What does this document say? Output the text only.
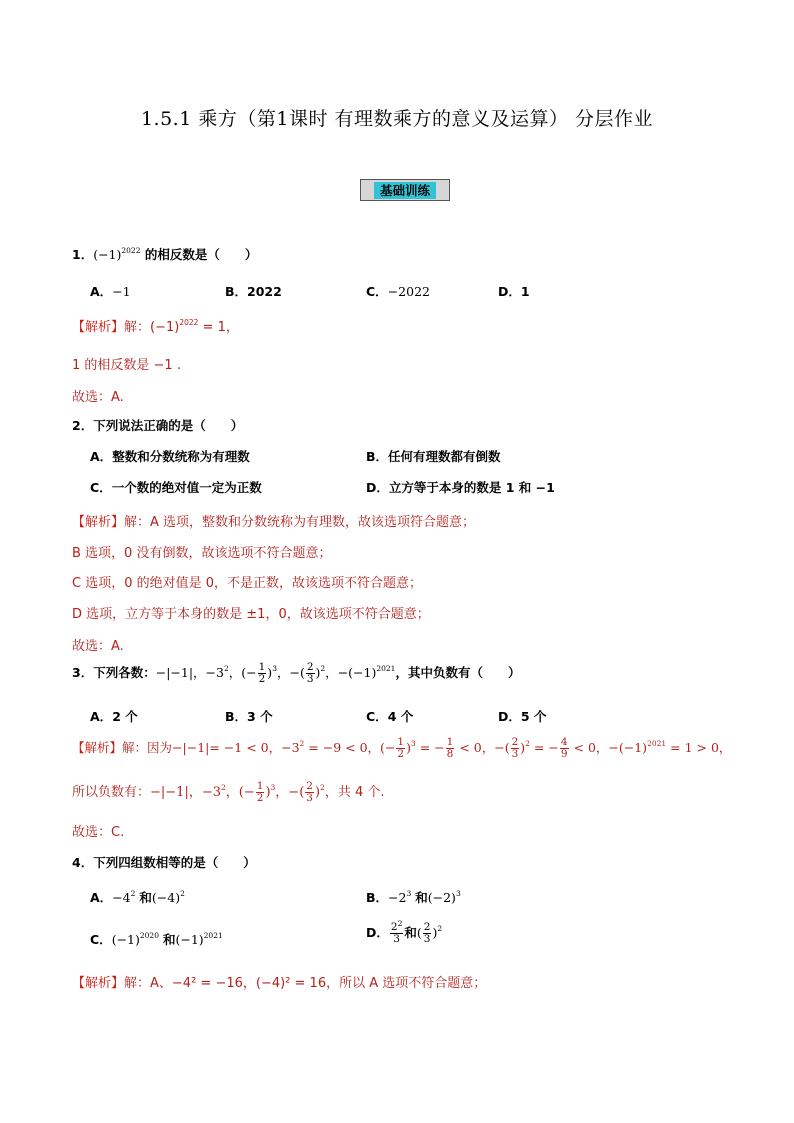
1.5.1 乘方（第1课时 有理数乘方的意义及运算） 分层作业
基础训练
1．$(-1)^{2022}$ 的相反数是（　　）
A．−1	B．2022	C．−2022	D．1
【解析】解：$(-1)^{2022} = 1$，
1 的相反数是 −1 .
故选：A.
2．下列说法正确的是（　　）
A．整数和分数统称为有理数	B．任何有理数都有倒数
C．一个数的绝对值一定为正数	D．立方等于本身的数是 1 和 −1
【解析】解：A 选项，整数和分数统称为有理数，故该选项符合题意；
B 选项，0 没有倒数，故该选项不符合题意；
C 选项，0 的绝对值是 0，不是正数，故该选项不符合题意；
D 选项，立方等于本身的数是 ±1，0，故该选项不符合题意；
故选：A.
3．下列各数：−|−1|，$-3^2$，(− $\frac{1}{2} )^3$，−( $\frac{2}{3} )^2$，$-(-1)^{2021}$，其中负数有（　　）
A．2 个	B．3 个	C．4 个	D．5 个
【解析】解：因为−|−1|= −1 < 0，$-3^2 = -9 < 0$，(− $\frac{1}{2} )^3$ = − $\frac{1}{8} < 0$，−( $\frac{2}{3} )^2$ = − $\frac{4}{9} < 0$，$-(-1)^{2021} = 1 > 0$，
所以负数有：−|−1|，$-3^2$，(− $\frac{1}{2} )^3$，−( $\frac{2}{3} )^2$，共 4 个.
故选：C.
4．下列四组数相等的是（　　）
A．$-4^2$ 和$(-4)^2$	B．$-2^3$ 和$(-2)^3$
C．$(-1)^{2020}$ 和$(-1)^{2021}$	D． $\frac{2^2}{3}$ 和( $\frac{2}{3} )^2$
【解析】解：A、−4² = −16，(−4)² = 16，所以 A 选项不符合题意；
